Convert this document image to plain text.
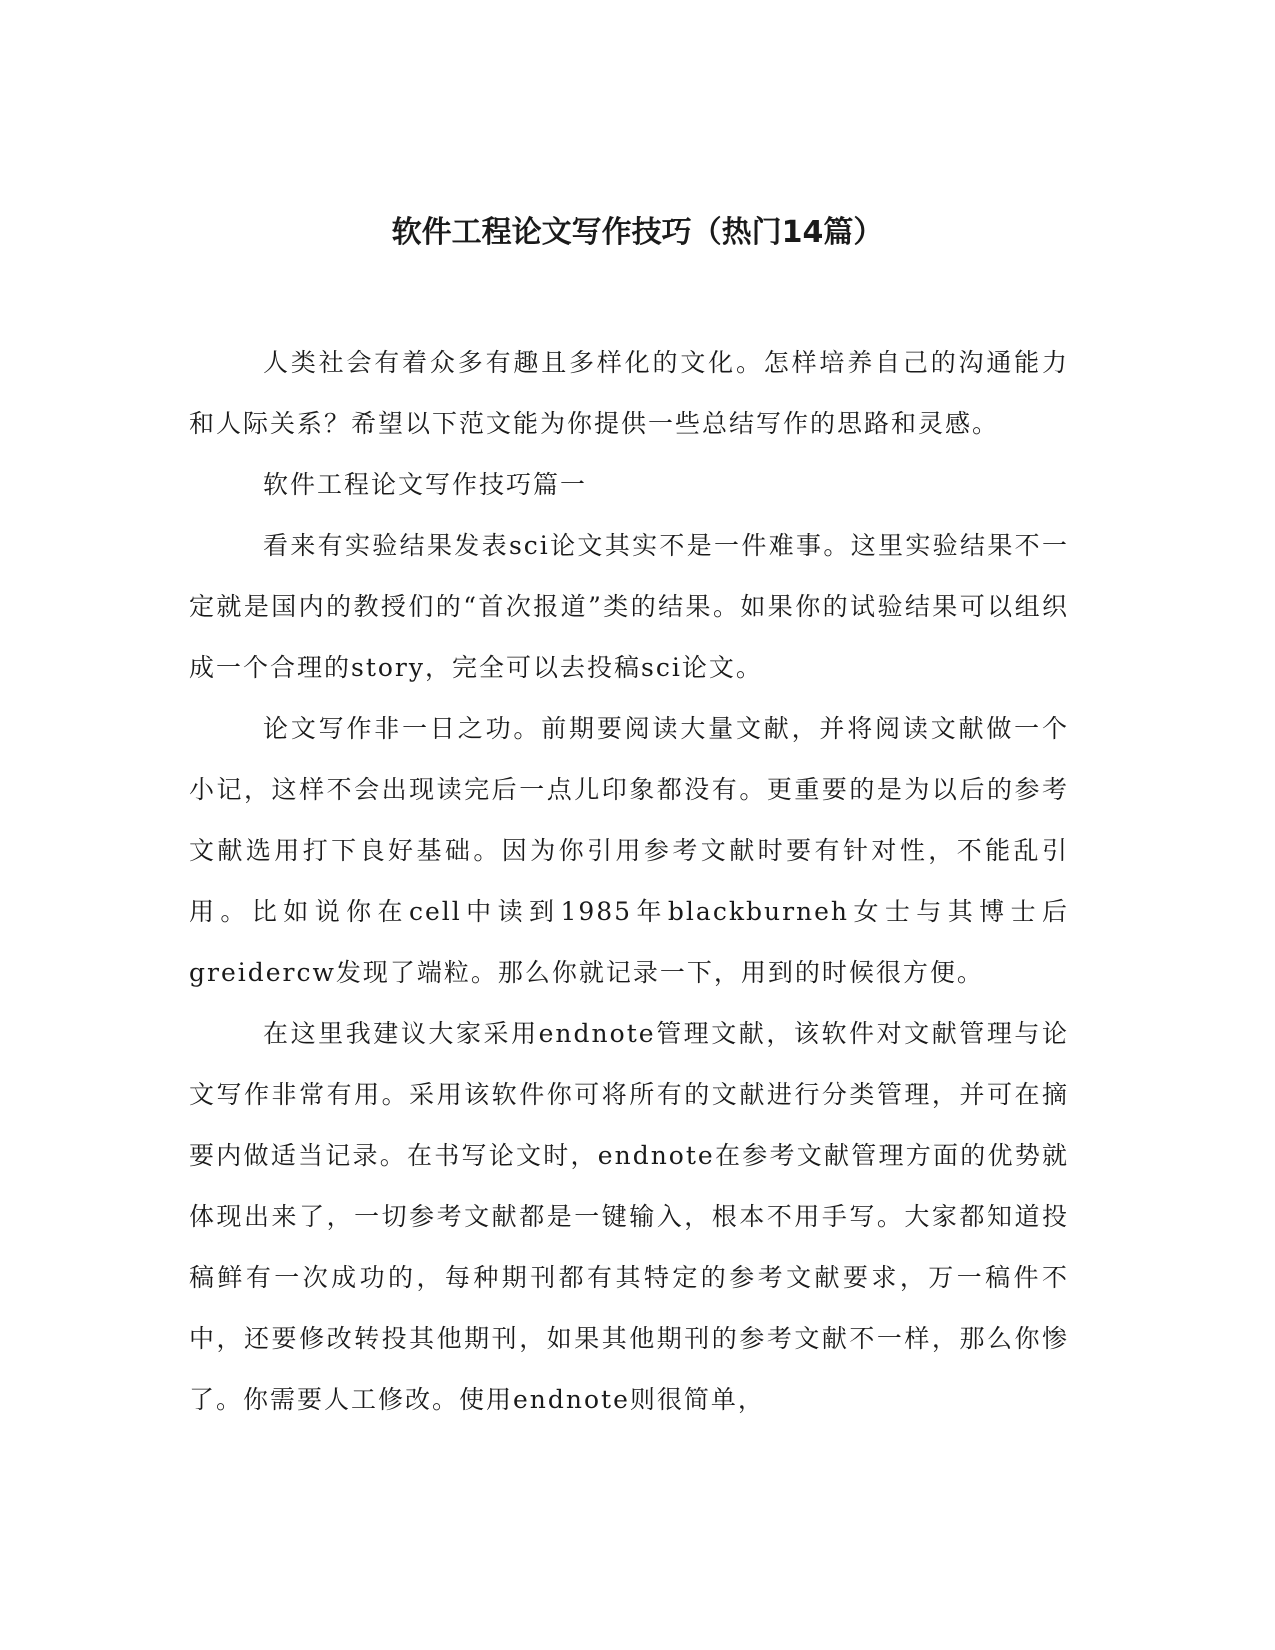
软件工程论文写作技巧（热门14篇）

人类社会有着众多有趣且多样化的文化。怎样培养自己的沟通能力和人际关系？希望以下范文能为你提供一些总结写作的思路和灵感。

软件工程论文写作技巧篇一

看来有实验结果发表sci论文其实不是一件难事。这里实验结果不一定就是国内的教授们的“首次报道”类的结果。如果你的试验结果可以组织成一个合理的story，完全可以去投稿sci论文。

论文写作非一日之功。前期要阅读大量文献，并将阅读文献做一个小记，这样不会出现读完后一点儿印象都没有。更重要的是为以后的参考文献选用打下良好基础。因为你引用参考文献时要有针对性，不能乱引用。比如说你在cell中读到1985年blackburneh女士与其博士后greidercw发现了端粒。那么你就记录一下，用到的时候很方便。

在这里我建议大家采用endnote管理文献，该软件对文献管理与论文写作非常有用。采用该软件你可将所有的文献进行分类管理，并可在摘要内做适当记录。在书写论文时，endnote在参考文献管理方面的优势就体现出来了，一切参考文献都是一键输入，根本不用手写。大家都知道投稿鲜有一次成功的，每种期刊都有其特定的参考文献要求，万一稿件不中，还要修改转投其他期刊，如果其他期刊的参考文献不一样，那么你惨了。你需要人工修改。使用endnote则很简单，
